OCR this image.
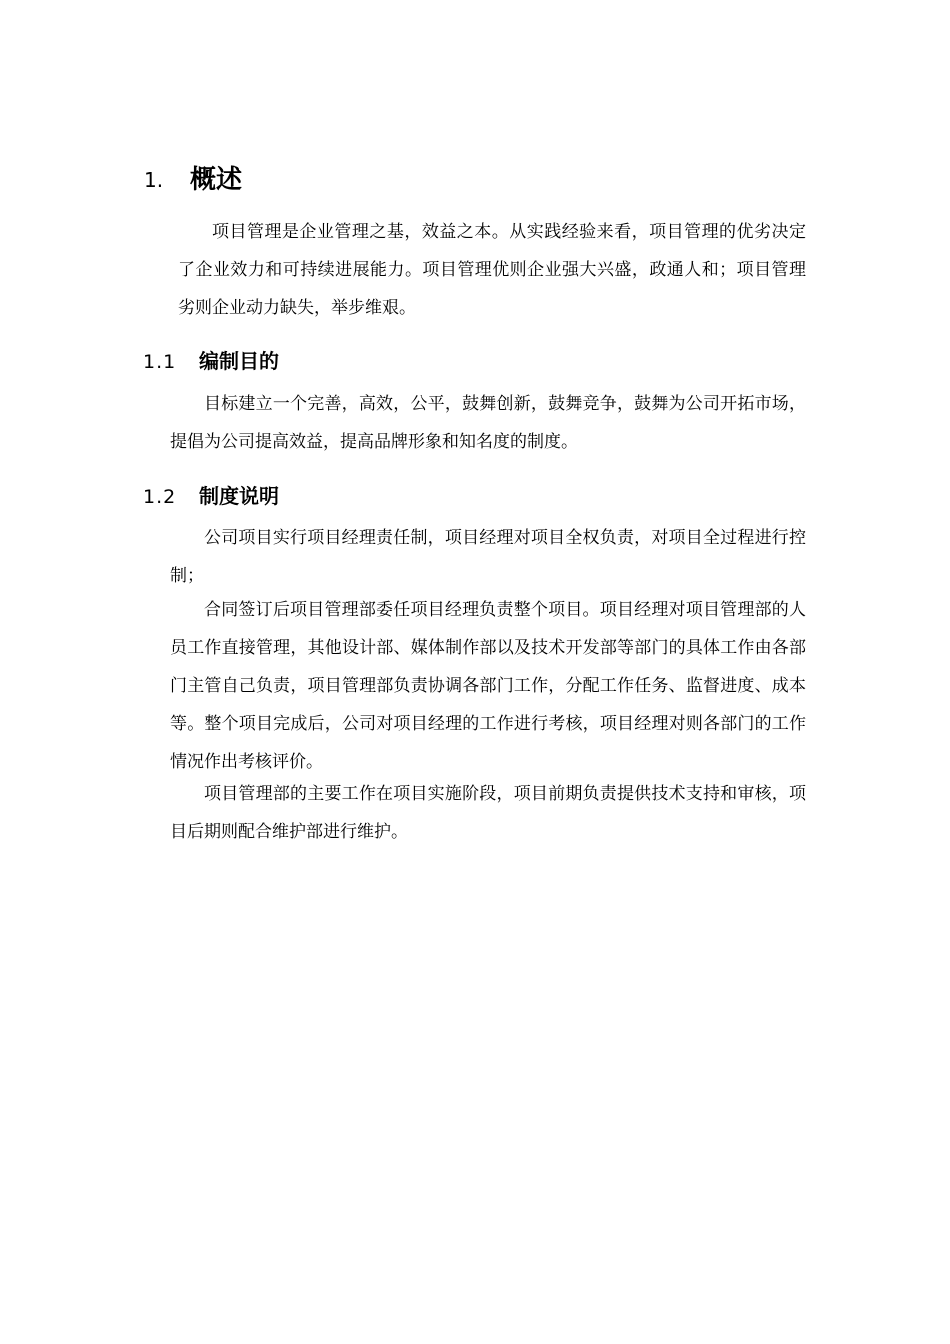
1. 概述

项目管理是企业管理之基，效益之本。从实践经验来看，项目管理的优劣决定了企业效力和可持续进展能力。项目管理优则企业强大兴盛，政通人和；项目管理劣则企业动力缺失，举步维艰。

1.1 编制目的

目标建立一个完善，高效，公平，鼓舞创新，鼓舞竞争，鼓舞为公司开拓市场，提倡为公司提高效益，提高品牌形象和知名度的制度。

1.2 制度说明

公司项目实行项目经理责任制，项目经理对项目全权负责，对项目全过程进行控制；

合同签订后项目管理部委任项目经理负责整个项目。项目经理对项目管理部的人员工作直接管理，其他设计部、媒体制作部以及技术开发部等部门的具体工作由各部门主管自己负责，项目管理部负责协调各部门工作，分配工作任务、监督进度、成本等。整个项目完成后，公司对项目经理的工作进行考核，项目经理对则各部门的工作情况作出考核评价。

项目管理部的主要工作在项目实施阶段，项目前期负责提供技术支持和审核，项目后期则配合维护部进行维护。
